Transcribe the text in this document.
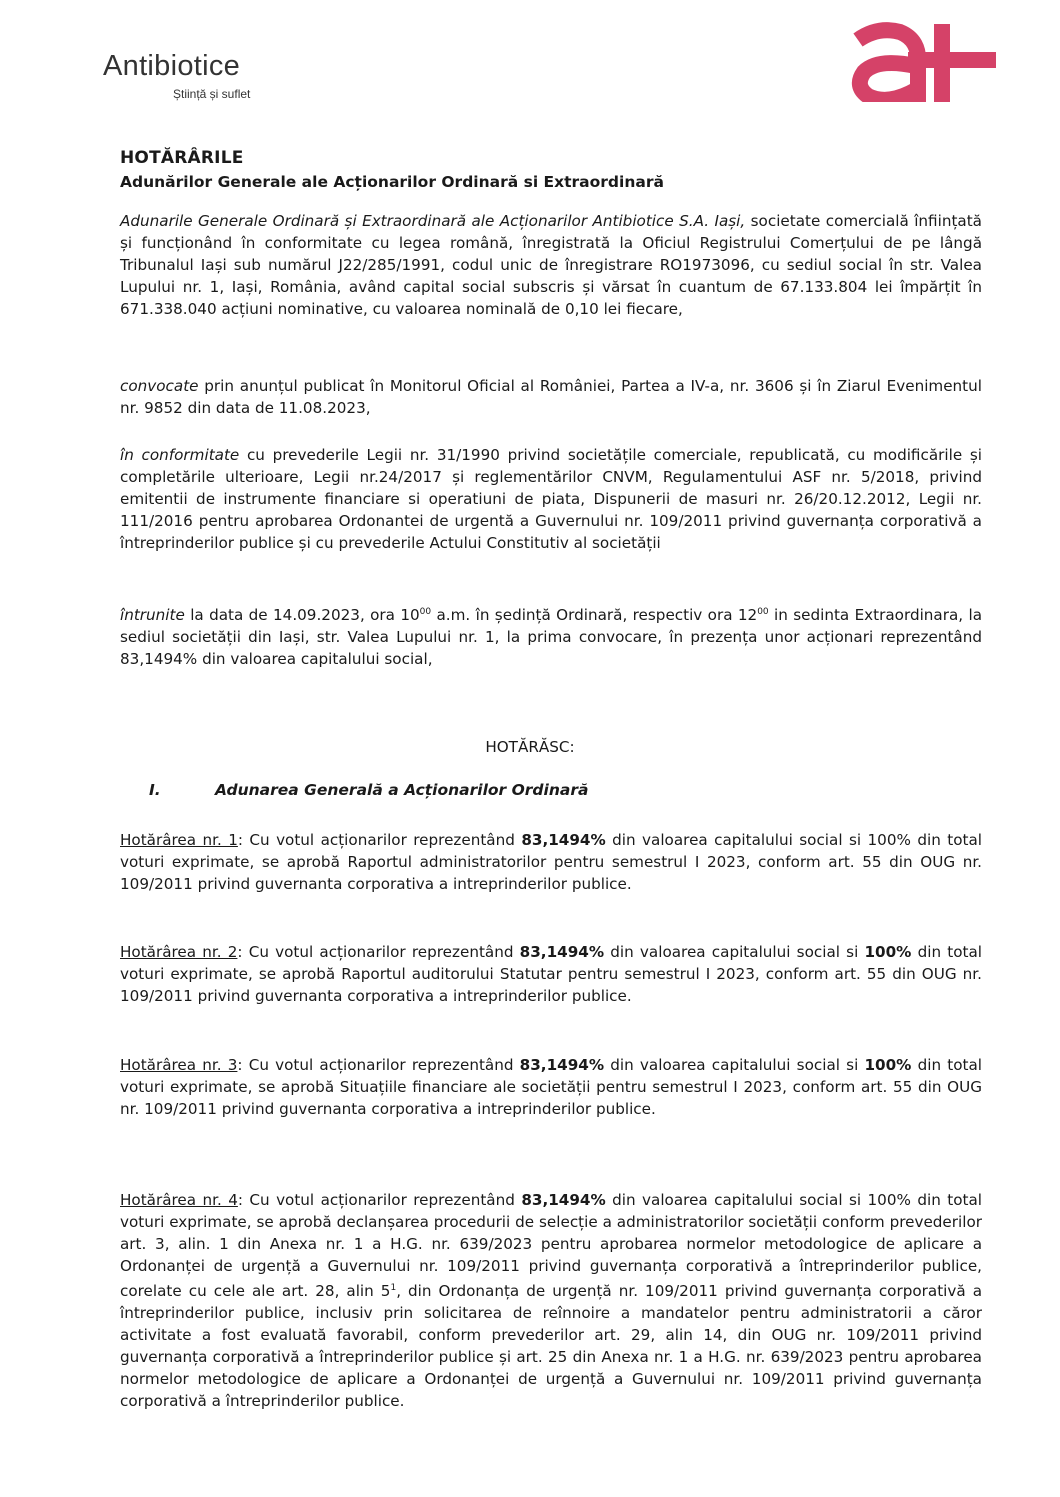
Antibiotice
Știință și suflet
HOTĂRÂRILE
Adunărilor Generale ale Acționarilor Ordinară si Extraordinară

Adunarile Generale Ordinară și Extraordinară ale Acționarilor Antibiotice S.A. Iași, societate comercială înființată și funcționând în conformitate cu legea română, înregistrată la Oficiul Registrului Comerțului de pe lângă Tribunalul Iași sub numărul J22/285/1991, codul unic de înregistrare RO1973096, cu sediul social în str. Valea Lupului nr. 1, Iași, România, având capital social subscris și vărsat în cuantum de 67.133.804 lei împărțit în 671.338.040 acțiuni nominative, cu valoarea nominală de 0,10 lei fiecare,

convocate prin anunțul publicat în Monitorul Oficial al României, Partea a IV-a, nr. 3606 și în Ziarul Evenimentul nr. 9852 din data de 11.08.2023,

în conformitate cu prevederile Legii nr. 31/1990 privind societățile comerciale, republicată, cu modificările și completările ulterioare, Legii nr.24/2017 și reglementărilor CNVM, Regulamentului ASF nr. 5/2018, privind emitentii de instrumente financiare si operatiuni de piata, Dispunerii de masuri nr. 26/20.12.2012, Legii nr. 111/2016 pentru aprobarea Ordonantei de urgentă a Guvernului nr. 109/2011 privind guvernanța corporativă a întreprinderilor publice și cu prevederile Actului Constitutiv al societății

întrunite la data de 14.09.2023, ora $10^{00}$ a.m. în ședință Ordinară, respectiv ora $12^{00}$ in sedinta Extraordinara, la sediul societății din Iași, str. Valea Lupului nr. 1, la prima convocare, în prezența unor acționari reprezentând 83,1494% din valoarea capitalului social,

HOTĂRĂSC:
I.	Adunarea Generală a Acționarilor Ordinară

Hotărârea nr. 1: Cu votul acționarilor reprezentând 83,1494% din valoarea capitalului social si 100% din total voturi exprimate, se aprobă Raportul administratorilor pentru semestrul I 2023, conform art. 55 din OUG nr. 109/2011 privind guvernanta corporativa a intreprinderilor publice.

Hotărârea nr. 2: Cu votul acționarilor reprezentând 83,1494% din valoarea capitalului social si 100% din total voturi exprimate, se aprobă Raportul auditorului Statutar pentru semestrul I 2023, conform art. 55 din OUG nr. 109/2011 privind guvernanta corporativa a intreprinderilor publice.

Hotărârea nr. 3: Cu votul acționarilor reprezentând 83,1494% din valoarea capitalului social si 100% din total voturi exprimate, se aprobă Situațiile financiare ale societății pentru semestrul I 2023, conform art. 55 din OUG nr. 109/2011 privind guvernanta corporativa a intreprinderilor publice.

Hotărârea nr. 4: Cu votul acționarilor reprezentând 83,1494% din valoarea capitalului social si 100% din total voturi exprimate, se aprobă declanșarea procedurii de selecție a administratorilor societății conform prevederilor art. 3, alin. 1 din Anexa nr. 1 a H.G. nr. 639/2023 pentru aprobarea normelor metodologice de aplicare a Ordonanței de urgență a Guvernului nr. 109/2011 privind guvernanța corporativă a întreprinderilor publice, corelate cu cele ale art. 28, alin $5^1$, din Ordonanța de urgență nr. 109/2011 privind guvernanța corporativă a întreprinderilor publice, inclusiv prin solicitarea de reînnoire a mandatelor pentru administratorii a căror activitate a fost evaluată favorabil, conform prevederilor art. 29, alin 14, din OUG nr. 109/2011 privind guvernanța corporativă a întreprinderilor publice și art. 25 din Anexa nr. 1 a H.G. nr. 639/2023 pentru aprobarea normelor metodologice de aplicare a Ordonanței de urgență a Guvernului nr. 109/2011 privind guvernanța corporativă a întreprinderilor publice.
